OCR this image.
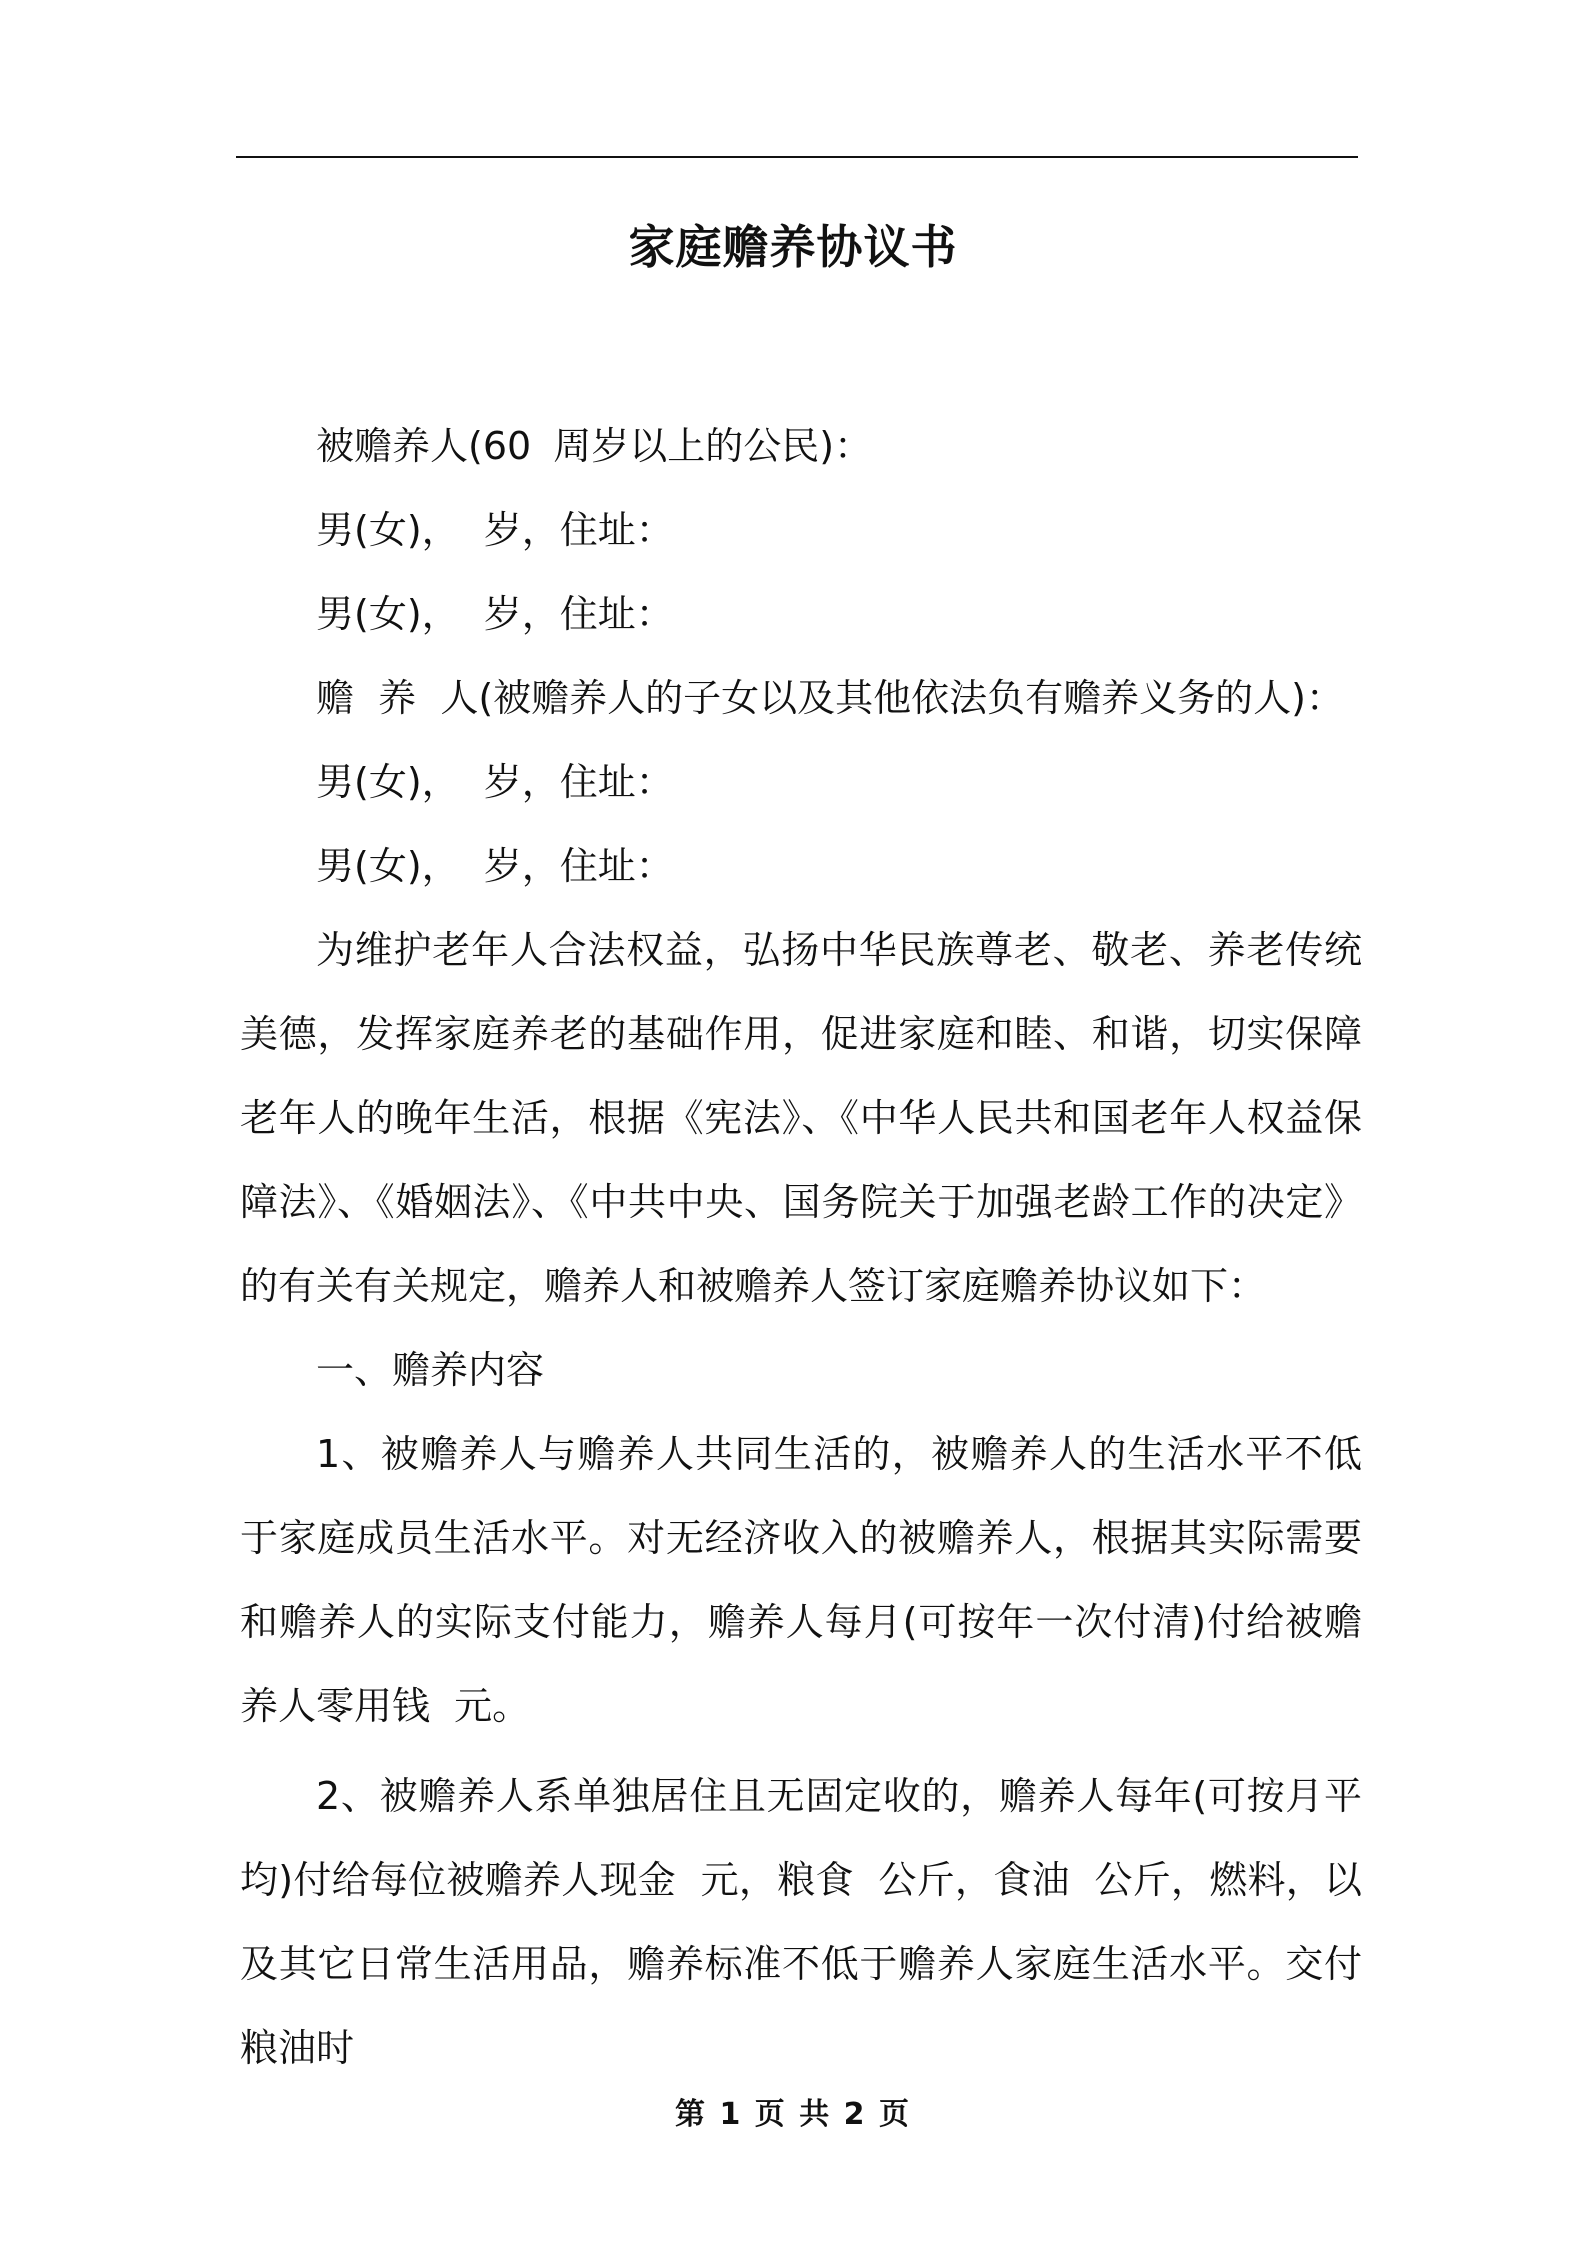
家庭赡养协议书
被赡养人(60 周岁以上的公民)：
男(女)，  岁，住址：
男(女)，  岁，住址：
赡  养  人(被赡养人的子女以及其他依法负有赡养义务的人)：
男(女)，  岁，住址：
男(女)，  岁，住址：
为维护老年人合法权益，弘扬中华民族尊老、敬老、养老传统美德，发挥家庭养老的基础作用，促进家庭和睦、和谐，切实保障老年人的晚年生活，根据《宪法》、《中华人民共和国老年人权益保障法》、《婚姻法》、《中共中央、国务院关于加强老龄工作的决定》的有关有关规定，赡养人和被赡养人签订家庭赡养协议如下：
一、赡养内容
1、被赡养人与赡养人共同生活的，被赡养人的生活水平不低于家庭成员生活水平。对无经济收入的被赡养人，根据其实际需要和赡养人的实际支付能力，赡养人每月(可按年一次付清)付给被赡养人零用钱  元。
2、被赡养人系单独居住且无固定收的，赡养人每年(可按月平均)付给每位被赡养人现金  元，粮食  公斤，食油  公斤，燃料，以及其它日常生活用品，赡养标准不低于赡养人家庭生活水平。交付粮油时
第 1 页 共 2 页
